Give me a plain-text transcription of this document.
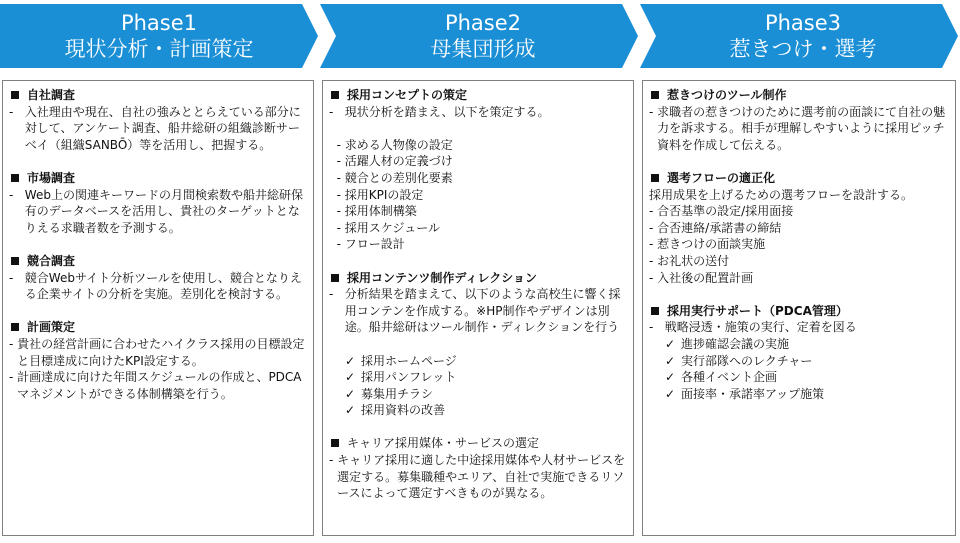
Phase1
現状分析・計画策定
Phase2
母集団形成
Phase3
惹きつけ・選考
自社調査
- 入社理由や現在、自社の強みととらえている部分に対して、アンケート調査、船井総研の組織診断サーベイ（組織SANBŌ）等を活用し、把握する。
市場調査
- Web上の関連キーワードの月間検索数や船井総研保有のデータベースを活用し、貴社のターゲットとなりえる求職者数を予測する。
競合調査
- 競合Webサイト分析ツールを使用し、競合となりえる企業サイトの分析を実施。差別化を検討する。
計画策定
- 貴社の経営計画に合わせたハイクラス採用の目標設定と目標達成に向けたKPI設定する。
- 計画達成に向けた年間スケジュールの作成と、PDCAマネジメントができる体制構築を行う。
採用コンセプトの策定
- 現状分析を踏まえ、以下を策定する。
- 求める人物像の設定
- 活躍人材の定義づけ
- 競合との差別化要素
- 採用KPIの設定
- 採用体制構築
- 採用スケジュール
- フロー設計
採用コンテンツ制作ディレクション
- 分析結果を踏まえて、以下のような高校生に響く採用コンテンを作成する。※HP制作やデザインは別途。船井総研はツール制作・ディレクションを行う
✓ 採用ホームページ
✓ 採用パンフレット
✓ 募集用チラシ
✓ 採用資料の改善
キャリア採用媒体・サービスの選定
- キャリア採用に適した中途採用媒体や人材サービスを選定する。募集職種やエリア、自社で実施できるリソースによって選定すべきものが異なる。
惹きつけのツール制作
- 求職者の惹きつけのために選考前の面談にて自社の魅力を訴求する。相手が理解しやすいように採用ピッチ資料を作成して伝える。
選考フローの適正化
採用成果を上げるための選考フローを設計する。
- 合否基準の設定/採用面接
- 合否連絡/承諾書の締結
- 惹きつけの面談実施
- お礼状の送付
- 入社後の配置計画
採用実行サポート（PDCA管理）
- 戦略浸透・施策の実行、定着を図る
✓ 進捗確認会議の実施
✓ 実行部隊へのレクチャー
✓ 各種イベント企画
✓ 面接率・承諾率アップ施策
